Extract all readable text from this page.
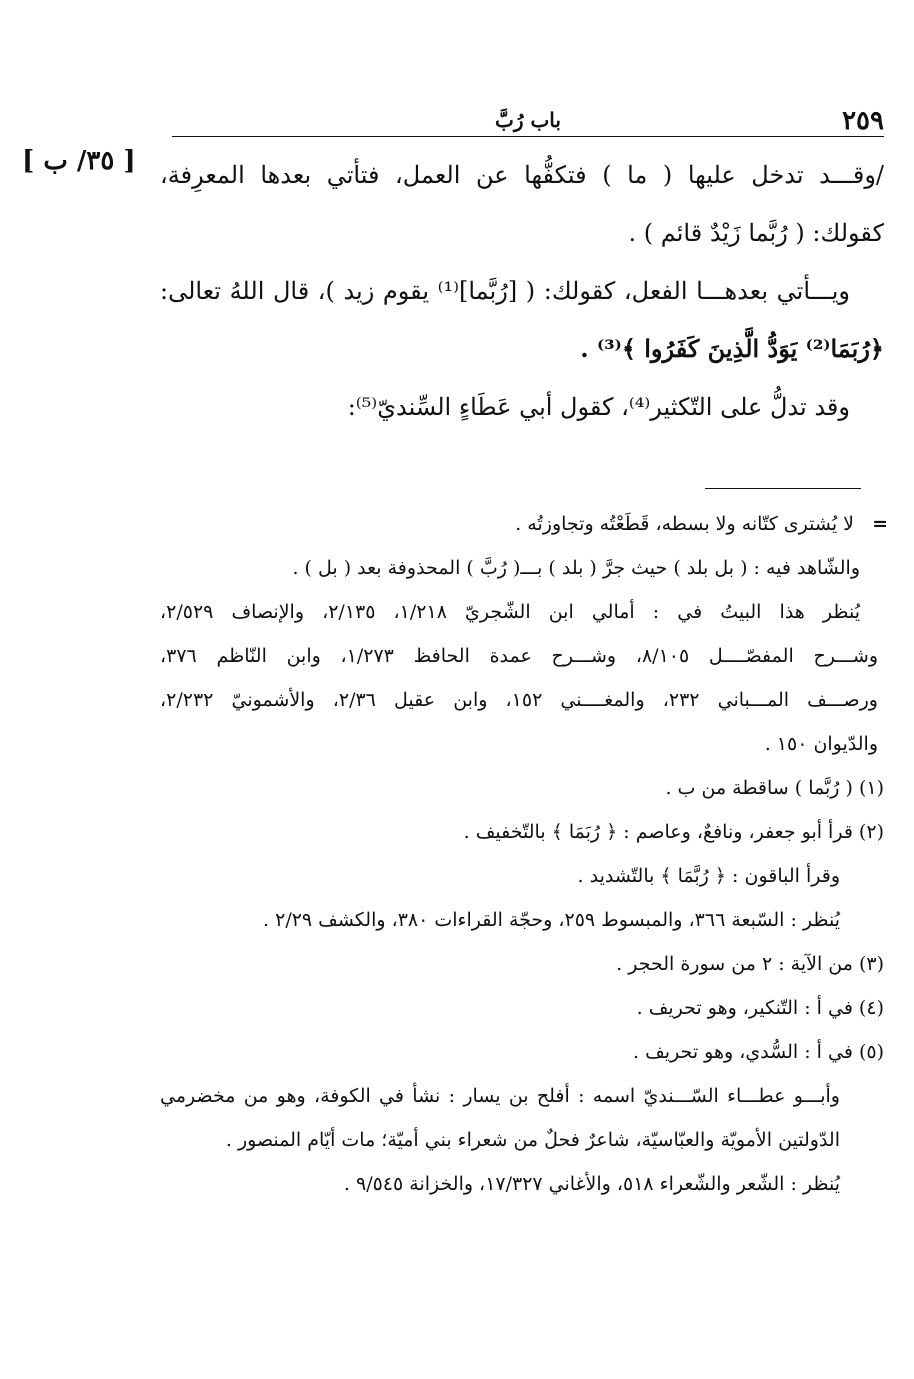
٢٥٩
باب رُبَّ
[ ٣٥/ ب ] /وقـــد تدخل عليها ( ما ) فتكفُّها عن العمل، فتأتي بعدها المعرِفة،
كقولك: ( رُبَّما زَيْدٌ قائم ) .
ويـــأتي بعدهـــا الفعل، كقولك: ( [رُبَّما]⁽¹⁾ يقوم زيد )، قال اللهُ تعالى:
﴿رُبَمَا⁽²⁾ يَوَدُّ الَّذِينَ كَفَرُوا ﴾⁽³⁾ .
وقد تدلُّ على التّكثير⁽⁴⁾، كقول أبي عَطَاءٍ السِّنديّ⁽⁵⁾:
=
لا يُشترى كتّانه ولا بسطه، قَطَعْتُه وتجاوزتُه .
والشّاهد فيه : ( بل بلد ) حيث جرَّ ( بلد ) بـــ( رُبَّ ) المحذوفة بعد ( بل ) .
يُنظر هذا البيتُ في : أمالي ابن الشّجريّ ١/٢١٨، ٢/١٣٥، والإنصاف ٢/٥٢٩،
وشـــرح المفصّــــل ٨/١٠٥، وشـــرح عمدة الحافظ ١/٢٧٣، وابن النّاظم ٣٧٦،
ورصـــف المـــباني ٢٣٢، والمغــــني ١٥٢، وابن عقيل ٢/٣٦، والأشمونيّ ٢/٢٣٢،
والدّيوان ١٥٠ .
(١) ( رُبَّما ) ساقطة من ب .
(٢) قرأ أبو جعفر، ونافعٌ، وعاصم : ﴿ رُبَمَا ﴾ بالتّخفيف .
وقرأ الباقون : ﴿ رُبَّمَا ﴾ بالتّشديد .
يُنظر : السّبعة ٣٦٦، والمبسوط ٢٥٩، وحجّة القراءات ٣٨٠، والكشف ٢/٢٩ .
(٣) من الآية : ٢ من سورة الحجر .
(٤) في أ : التّنكير، وهو تحريف .
(٥) في أ : السُّدي، وهو تحريف .
وأبـــو عطـــاء السّـــنديّ اسمه : أفلح بن يسار : نشأ في الكوفة، وهو من مخضرمي
الدّولتين الأمويّة والعبّاسيّة، شاعرٌ فحلٌ من شعراء بني أميّة؛ مات أيّام المنصور .
يُنظر : الشّعر والشّعراء ٥١٨، والأغاني ١٧/٣٢٧، والخزانة ٩/٥٤٥ .
